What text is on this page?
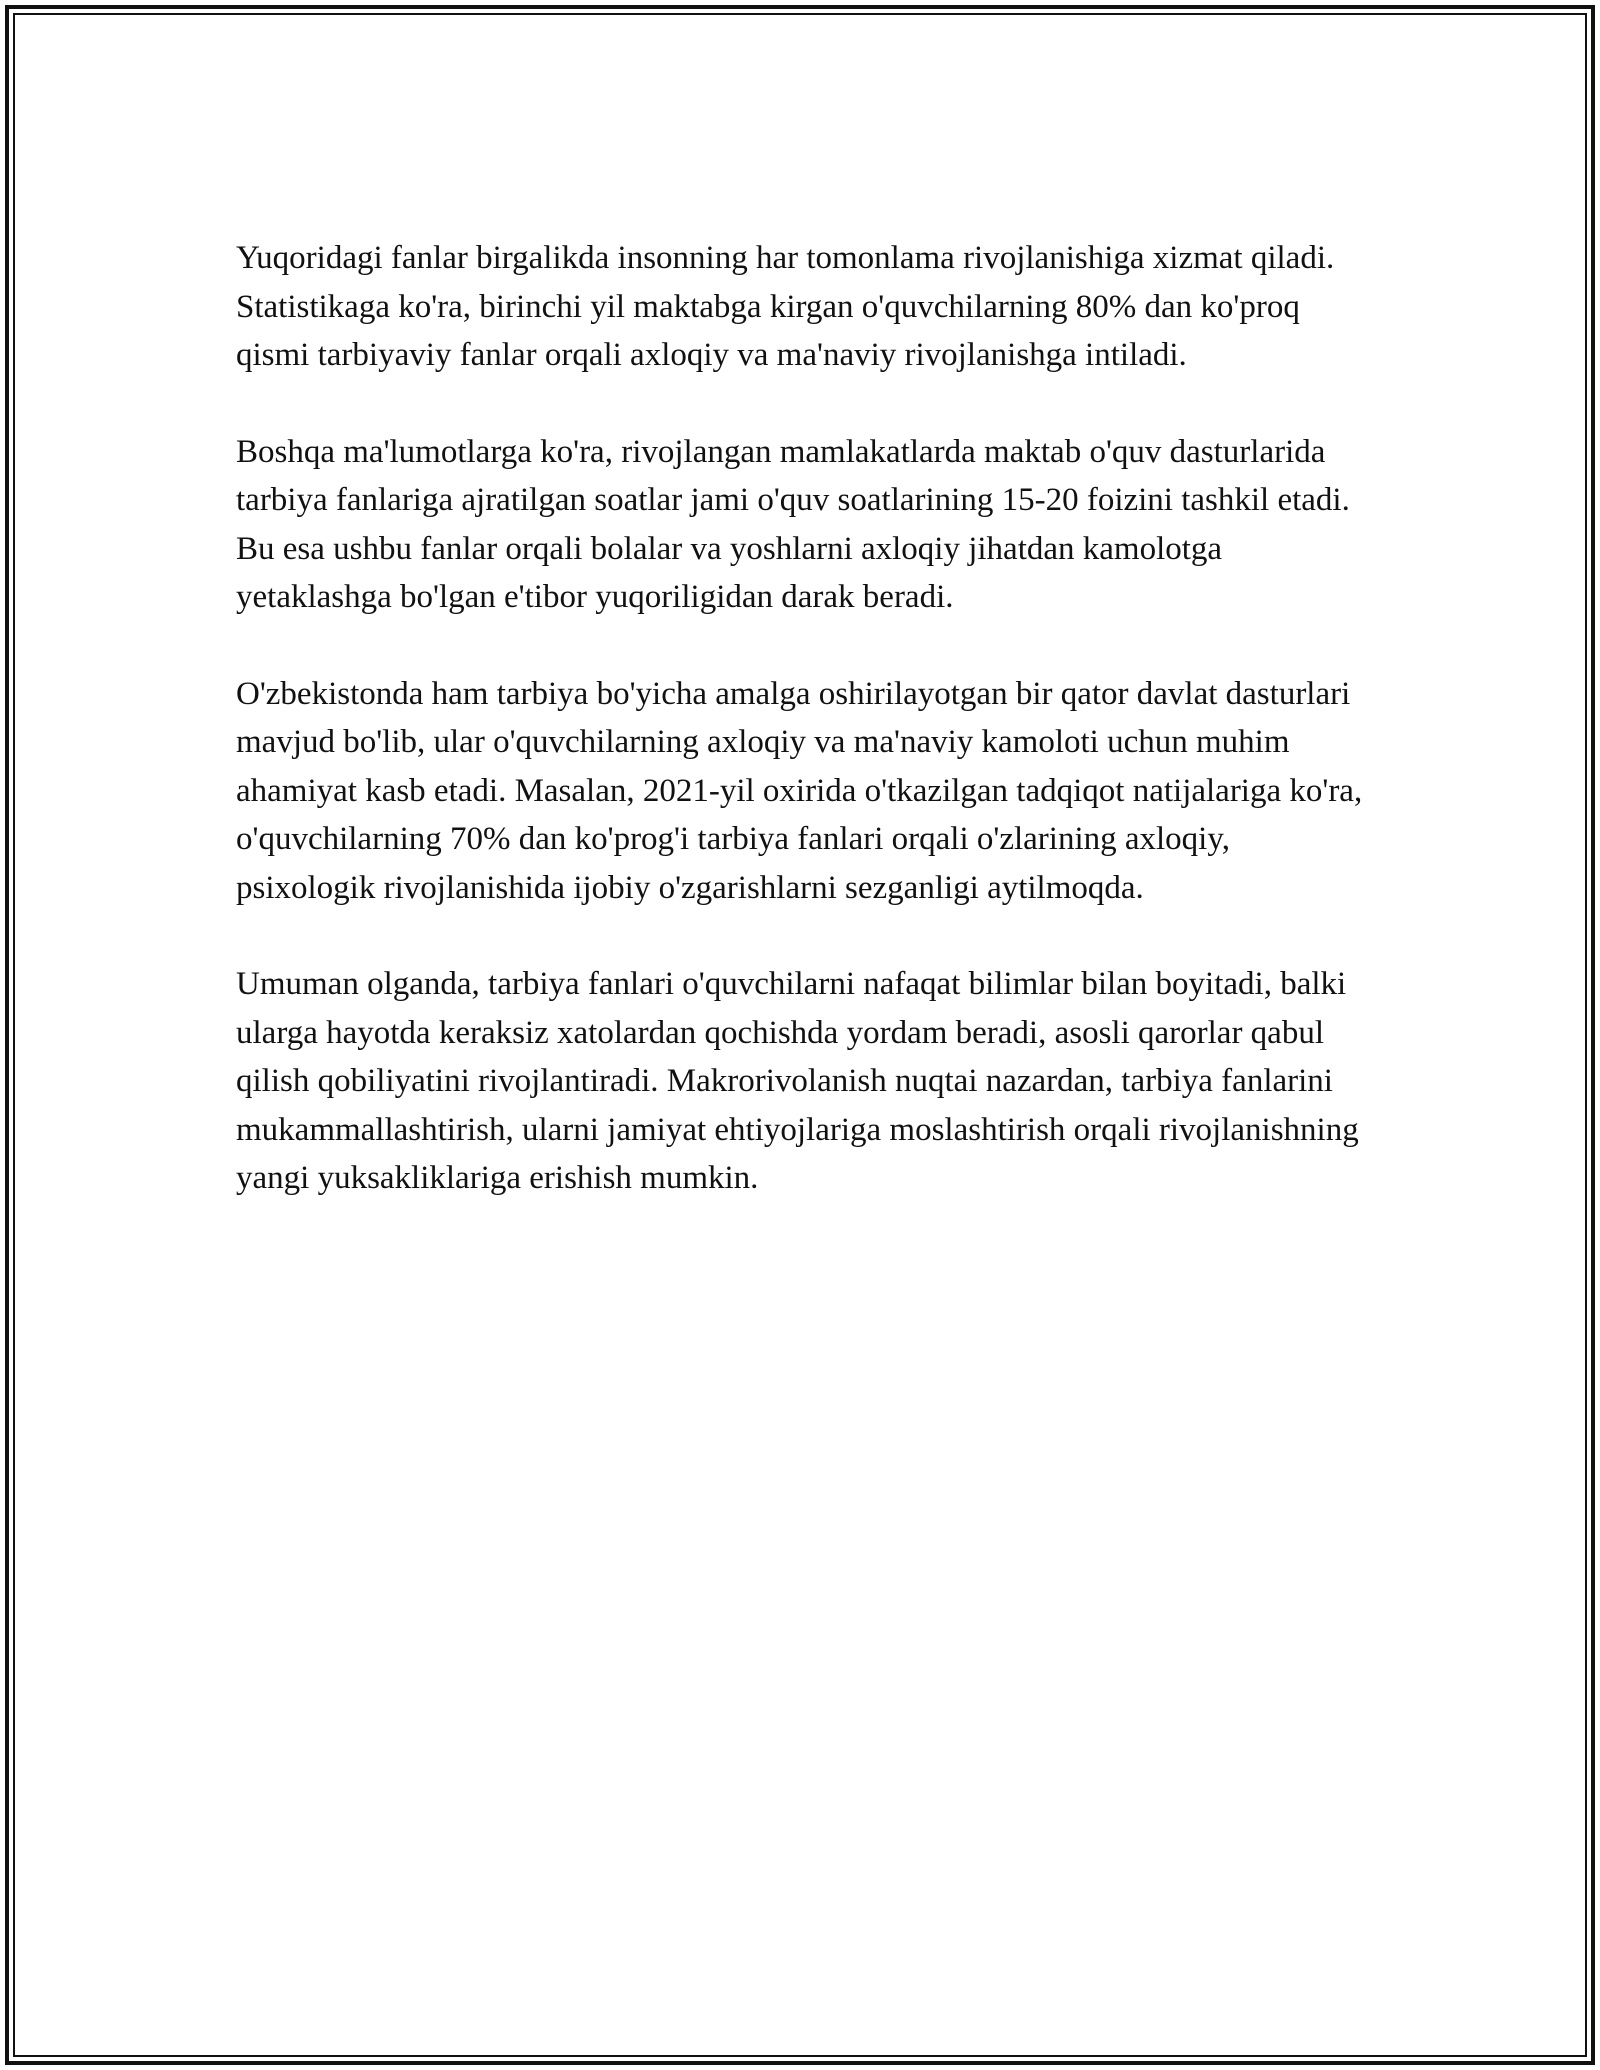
Yuqoridagi fanlar birgalikda insonning har tomonlama rivojlanishiga xizmat qiladi. Statistikaga ko'ra, birinchi yil maktabga kirgan o'quvchilarning 80% dan ko'proq qismi tarbiyaviy fanlar orqali axloqiy va ma'naviy rivojlanishga intiladi.

Boshqa ma'lumotlarga ko'ra, rivojlangan mamlakatlarda maktab o'quv dasturlarida tarbiya fanlariga ajratilgan soatlar jami o'quv soatlarining 15-20 foizini tashkil etadi. Bu esa ushbu fanlar orqali bolalar va yoshlarni axloqiy jihatdan kamolotga yetaklashga bo'lgan e'tibor yuqoriligidan darak beradi.

O'zbekistonda ham tarbiya bo'yicha amalga oshirilayotgan bir qator davlat dasturlari mavjud bo'lib, ular o'quvchilarning axloqiy va ma'naviy kamoloti uchun muhim ahamiyat kasb etadi. Masalan, 2021-yil oxirida o'tkazilgan tadqiqot natijalariga ko'ra, o'quvchilarning 70% dan ko'prog'i tarbiya fanlari orqali o'zlarining axloqiy, psixologik rivojlanishida ijobiy o'zgarishlarni sezganligi aytilmoqda.

Umuman olganda, tarbiya fanlari o'quvchilarni nafaqat bilimlar bilan boyitadi, balki ularga hayotda keraksiz xatolardan qochishda yordam beradi, asosli qarorlar qabul qilish qobiliyatini rivojlantiradi. Makrorivolanish nuqtai nazardan, tarbiya fanlarini mukammallashtirish, ularni jamiyat ehtiyojlariga moslashtirish orqali rivojlanishning yangi yuksakliklariga erishish mumkin.
